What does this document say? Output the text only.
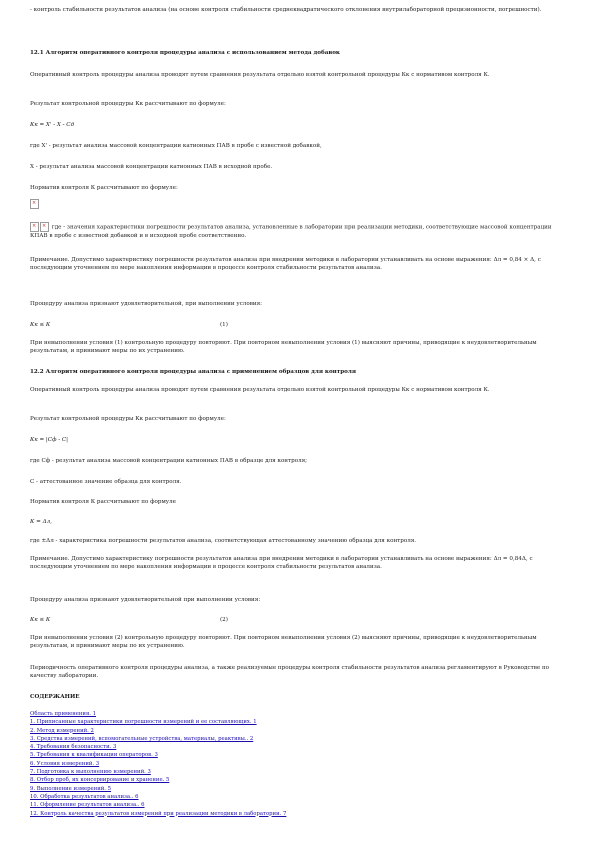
- контроль стабильности результатов анализа (на основе контроля стабильности среднеквадратического отклонения внутрилабораторной прецизионности, погрешности).
12.1 Алгоритм оперативного контроля процедуры анализа с использованием метода добавок
Оперативный контроль процедуры анализа проводят путем сравнения результата отдельно взятой контрольной процедуры Кк с нормативом контроля К.
Результат контрольной процедуры Кк рассчитывают по формуле:
Кк = Х' - Х - Сд
где Х' - результат анализа массовой концентрации катионных ПАВ в пробе с известной добавкой,
Х - результат анализа массовой концентрации катионных ПАВ в исходной пробе.
Норматив контроля К рассчитывают по формуле:
×
×× где - значения характеристики погрешности результатов анализа, установленные в лаборатории при реализации методики, соответствующие массовой концентрации КПАВ в пробе с известной добавкой и в исходной пробе соответственно.
Примечание. Допустимо характеристику погрешности результатов анализа при внедрении методики в лаборатории устанавливать на основе выражения: Δл = 0,84 × Δ, с последующим уточнением по мере накопления информации в процессе контроля стабильности результатов анализа.
Процедуру анализа признают удовлетворительной, при выполнении условия:
Кк ≤ К	(1)
При невыполнении условия (1) контрольную процедуру повторяют. При повторном невыполнении условия (1) выясняют причины, приводящие к неудовлетворительным результатам, и принимают меры по их устранению.
12.2 Алгоритм оперативного контроля процедуры анализа с применением образцов для контроля
Оперативный контроль процедуры анализа проводят путем сравнения результата отдельно взятой контрольной процедуры Кк с нормативом контроля К.
Результат контрольной процедуры Кк рассчитывают по формуле:
Кк = |Сф - С|
где Сф - результат анализа массовой концентрации катионных ПАВ в образце для контроля;
С - аттестованное значение образца для контроля.
Норматив контроля К рассчитывают по формуле
К = Δл,
где ±Δл - характеристика погрешности результатов анализа, соответствующая аттестованному значению образца для контроля.
Примечание. Допустимо характеристику погрешности результатов анализа при внедрении методики в лаборатории устанавливать на основе выражения: Δл = 0,84Δ, с последующим уточнением по мере накопления информации в процессе контроля стабильности результатов анализа.
Процедуру анализа признают удовлетворительной при выполнении условия:
Кк ≤ К	(2)
При невыполнении условия (2) контрольную процедуру повторяют. При повторном невыполнении условия (2) выясняют причины, приводящие к неудовлетворительным результатам, и принимают меры по их устранению.
Периодичность оперативного контроля процедуры анализа, а также реализуемые процедуры контроля стабильности результатов анализа регламентируют в Руководстве по качеству лаборатории.
СОДЕРЖАНИЕ
Область применения. 1
1. Приписанные характеристики погрешности измерений и ее составляющих. 1
2. Метод измерений. 2
3. Средства измерений, вспомогательные устройства, материалы, реактивы.. 2
4. Требования безопасности. 3
5. Требования к квалификации операторов. 3
6. Условия измерений. 3
7. Подготовка к выполнению измерений. 3
8. Отбор проб, их консервирование и хранение. 5
9. Выполнение измерений. 5
10. Обработка результатов анализа.. 6
11. Оформление результатов анализа.. 6
12. Контроль качества результатов измерений при реализации методики в лаборатории. 7
